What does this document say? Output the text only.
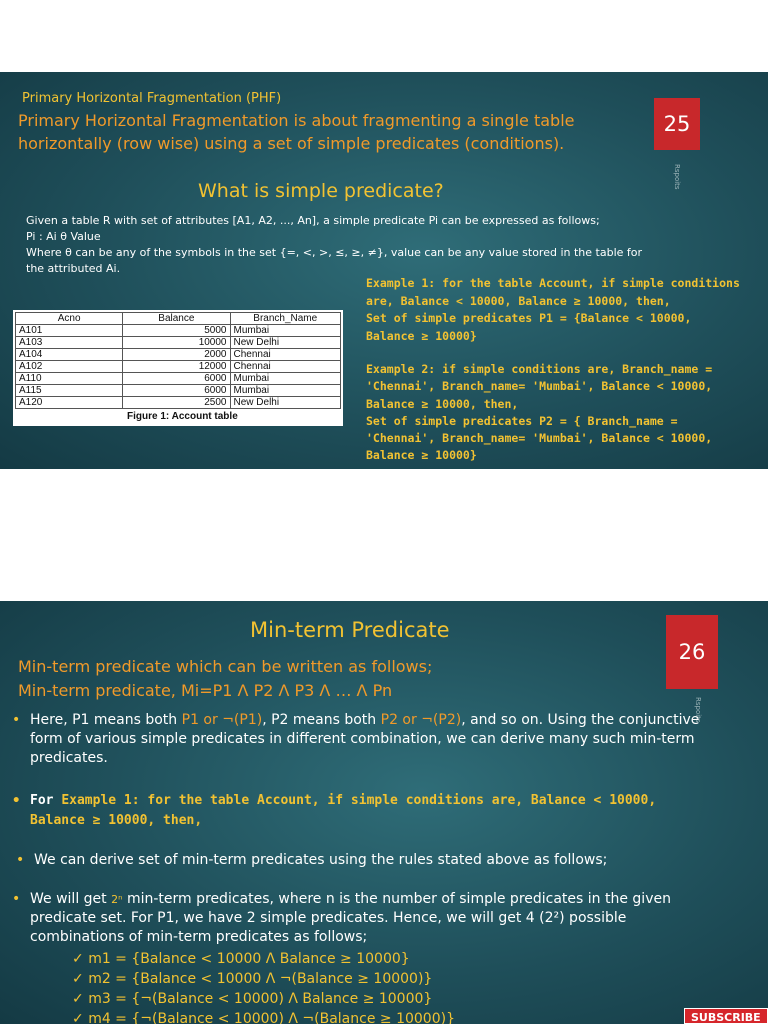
25
Primary Horizontal Fragmentation (PHF)
Primary Horizontal Fragmentation is about fragmenting a single table
horizontally (row wise) using a set of simple predicates (conditions).
Rspoits
What is simple predicate?
Given a table R with set of attributes [A1, A2, ..., An], a simple predicate Pi can be expressed as follows;
Pi : Ai θ Value
Where θ can be any of the symbols in the set {=, <, >, ≤, ≥, ≠}, value can be any value stored in the table for
the attributed Ai.
Acno	Balance	Branch_Name
A101	5000	Mumbai
A103	10000	New Delhi
A104	2000	Chennai
A102	12000	Chennai
A110	6000	Mumbai
A115	6000	Mumbai
A120	2500	New Delhi
Figure 1: Account table
Example 1: for the table Account, if simple conditions
are, Balance < 10000, Balance ≥ 10000, then,
Set of simple predicates P1 = {Balance < 10000,
Balance ≥ 10000}
Example 2: if simple conditions are, Branch_name =
'Chennai', Branch_name= 'Mumbai', Balance < 10000,
Balance ≥ 10000, then,
Set of simple predicates P2 = { Branch_name =
'Chennai', Branch_name= 'Mumbai', Balance < 10000,
Balance ≥ 10000}
26
Min-term Predicate
Min-term predicate which can be written as follows;
Min-term predicate, Mi=P1 Λ P2 Λ P3 Λ … Λ Pn
Rspoits
• Here, P1 means both P1 or ¬(P1), P2 means both P2 or ¬(P2), and so on. Using the conjunctive
form of various simple predicates in different combination, we can derive many such min-term
predicates.
• For Example 1: for the table Account, if simple conditions are, Balance < 10000,
Balance ≥ 10000, then,
• We can derive set of min-term predicates using the rules stated above as follows;
• We will get 2ⁿ min-term predicates, where n is the number of simple predicates in the given
predicate set. For P1, we have 2 simple predicates. Hence, we will get 4 (2²) possible
combinations of min-term predicates as follows;
✓ m1 = {Balance < 10000 Λ Balance ≥ 10000}
✓ m2 = {Balance < 10000 Λ ¬(Balance ≥ 10000)}
✓ m3 = {¬(Balance < 10000) Λ Balance ≥ 10000}
✓ m4 = {¬(Balance < 10000) Λ ¬(Balance ≥ 10000)}	SUBSCRIBE
